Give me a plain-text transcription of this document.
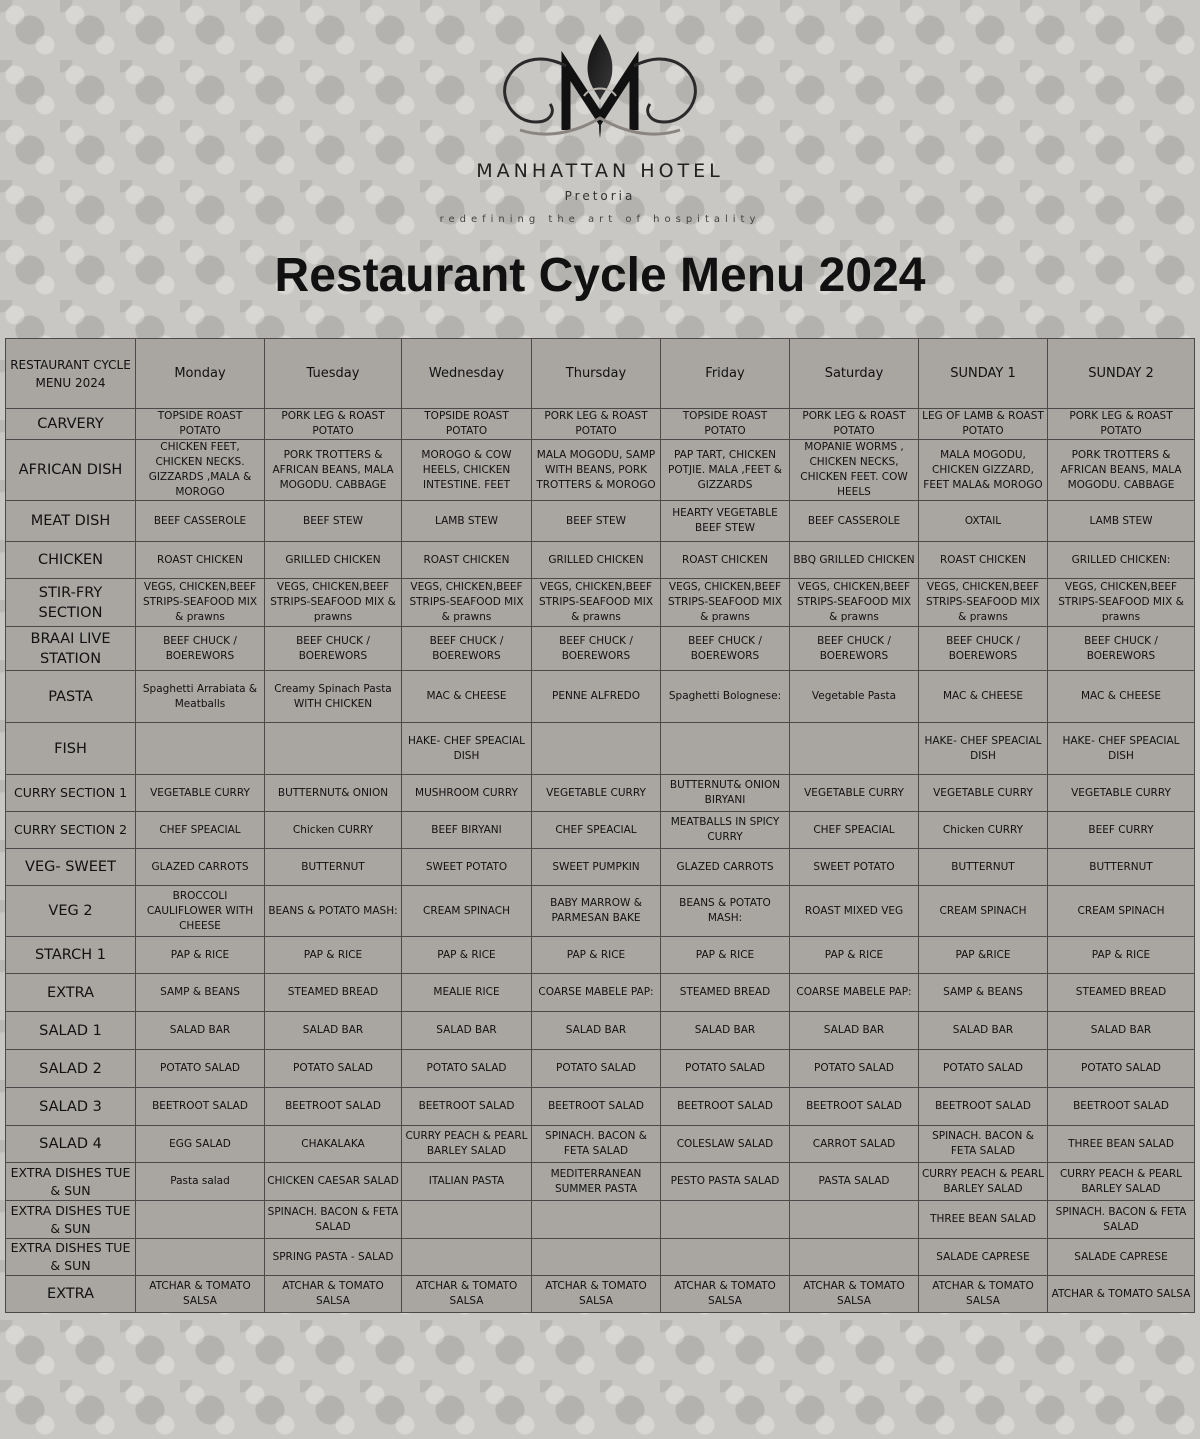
MANHATTAN HOTEL
Pretoria
redefining the art of hospitality
Restaurant Cycle Menu 2024
RESTAURANT CYCLE MENU 2024	Monday	Tuesday	Wednesday	Thursday	Friday	Saturday	SUNDAY 1	SUNDAY 2
CARVERY	TOPSIDE ROAST POTATO	PORK LEG & ROAST POTATO	TOPSIDE ROAST POTATO	PORK LEG & ROAST POTATO	TOPSIDE ROAST POTATO	PORK LEG & ROAST POTATO	LEG OF LAMB & ROAST POTATO	PORK LEG & ROAST POTATO
AFRICAN DISH	CHICKEN FEET, CHICKEN NECKS. GIZZARDS ,MALA & MOROGO	PORK TROTTERS & AFRICAN BEANS, MALA MOGODU. CABBAGE	MOROGO & COW HEELS, CHICKEN INTESTINE. FEET	MALA MOGODU, SAMP WITH BEANS, PORK TROTTERS & MOROGO	PAP TART, CHICKEN POTJIE. MALA ,FEET & GIZZARDS	MOPANIE WORMS , CHICKEN NECKS, CHICKEN FEET. COW HEELS	MALA MOGODU, CHICKEN GIZZARD, FEET MALA& MOROGO	PORK TROTTERS & AFRICAN BEANS, MALA MOGODU. CABBAGE
MEAT DISH	BEEF CASSEROLE	BEEF STEW	LAMB STEW	BEEF STEW	HEARTY VEGETABLE BEEF STEW	BEEF CASSEROLE	OXTAIL	LAMB STEW
CHICKEN	ROAST CHICKEN	GRILLED CHICKEN	ROAST CHICKEN	GRILLED CHICKEN	ROAST CHICKEN	BBQ GRILLED CHICKEN	ROAST CHICKEN	GRILLED CHICKEN:
STIR-FRY SECTION	VEGS, CHICKEN,BEEF STRIPS-SEAFOOD MIX & prawns	VEGS, CHICKEN,BEEF STRIPS-SEAFOOD MIX & prawns	VEGS, CHICKEN,BEEF STRIPS-SEAFOOD MIX & prawns	VEGS, CHICKEN,BEEF STRIPS-SEAFOOD MIX & prawns	VEGS, CHICKEN,BEEF STRIPS-SEAFOOD MIX & prawns	VEGS, CHICKEN,BEEF STRIPS-SEAFOOD MIX & prawns	VEGS, CHICKEN,BEEF STRIPS-SEAFOOD MIX & prawns	VEGS, CHICKEN,BEEF STRIPS-SEAFOOD MIX & prawns
BRAAI LIVE STATION	BEEF CHUCK / BOEREWORS	BEEF CHUCK / BOEREWORS	BEEF CHUCK / BOEREWORS	BEEF CHUCK / BOEREWORS	BEEF CHUCK / BOEREWORS	BEEF CHUCK / BOEREWORS	BEEF CHUCK / BOEREWORS	BEEF CHUCK / BOEREWORS
PASTA	Spaghetti Arrabiata & Meatballs	Creamy Spinach Pasta WITH CHICKEN	MAC & CHEESE	PENNE ALFREDO	Spaghetti Bolognese:	Vegetable Pasta	MAC & CHEESE	MAC & CHEESE
FISH			HAKE- CHEF SPEACIAL DISH				HAKE- CHEF SPEACIAL DISH	HAKE- CHEF SPEACIAL DISH
CURRY SECTION 1	VEGETABLE CURRY	BUTTERNUT& ONION	MUSHROOM CURRY	VEGETABLE CURRY	BUTTERNUT& ONION BIRYANI	VEGETABLE CURRY	VEGETABLE CURRY	VEGETABLE CURRY
CURRY SECTION 2	CHEF SPEACIAL	Chicken CURRY	BEEF BIRYANI	CHEF SPEACIAL	MEATBALLS IN SPICY CURRY	CHEF SPEACIAL	Chicken CURRY	BEEF CURRY
VEG- SWEET	GLAZED CARROTS	BUTTERNUT	SWEET POTATO	SWEET PUMPKIN	GLAZED CARROTS	SWEET POTATO	BUTTERNUT	BUTTERNUT
VEG 2	BROCCOLI CAULIFLOWER WITH CHEESE	BEANS & POTATO MASH:	CREAM SPINACH	BABY MARROW & PARMESAN BAKE	BEANS & POTATO MASH:	ROAST MIXED VEG	CREAM SPINACH	CREAM SPINACH
STARCH 1	PAP & RICE	PAP & RICE	PAP & RICE	PAP & RICE	PAP & RICE	PAP & RICE	PAP &RICE	PAP & RICE
EXTRA	SAMP & BEANS	STEAMED BREAD	MEALIE RICE	COARSE MABELE PAP:	STEAMED BREAD	COARSE MABELE PAP:	SAMP & BEANS	STEAMED BREAD
SALAD 1	SALAD BAR	SALAD BAR	SALAD BAR	SALAD BAR	SALAD BAR	SALAD BAR	SALAD BAR	SALAD BAR
SALAD 2	POTATO SALAD	POTATO SALAD	POTATO SALAD	POTATO SALAD	POTATO SALAD	POTATO SALAD	POTATO SALAD	POTATO SALAD
SALAD 3	BEETROOT SALAD	BEETROOT SALAD	BEETROOT SALAD	BEETROOT SALAD	BEETROOT SALAD	BEETROOT SALAD	BEETROOT SALAD	BEETROOT SALAD
SALAD 4	EGG SALAD	CHAKALAKA	CURRY PEACH & PEARL BARLEY SALAD	SPINACH. BACON & FETA SALAD	COLESLAW SALAD	CARROT SALAD	SPINACH. BACON & FETA SALAD	THREE BEAN SALAD
EXTRA DISHES TUE & SUN	Pasta salad	CHICKEN CAESAR SALAD	ITALIAN PASTA	MEDITERRANEAN SUMMER PASTA	PESTO PASTA SALAD	PASTA SALAD	CURRY PEACH & PEARL BARLEY SALAD	CURRY PEACH & PEARL BARLEY SALAD
EXTRA DISHES TUE & SUN		SPINACH. BACON & FETA SALAD					THREE BEAN SALAD	SPINACH. BACON & FETA SALAD
EXTRA DISHES TUE & SUN		SPRING PASTA - SALAD					SALADE CAPRESE	SALADE CAPRESE
EXTRA	ATCHAR & TOMATO SALSA	ATCHAR & TOMATO SALSA	ATCHAR & TOMATO SALSA	ATCHAR & TOMATO SALSA	ATCHAR & TOMATO SALSA	ATCHAR & TOMATO SALSA	ATCHAR & TOMATO SALSA	ATCHAR & TOMATO SALSA
